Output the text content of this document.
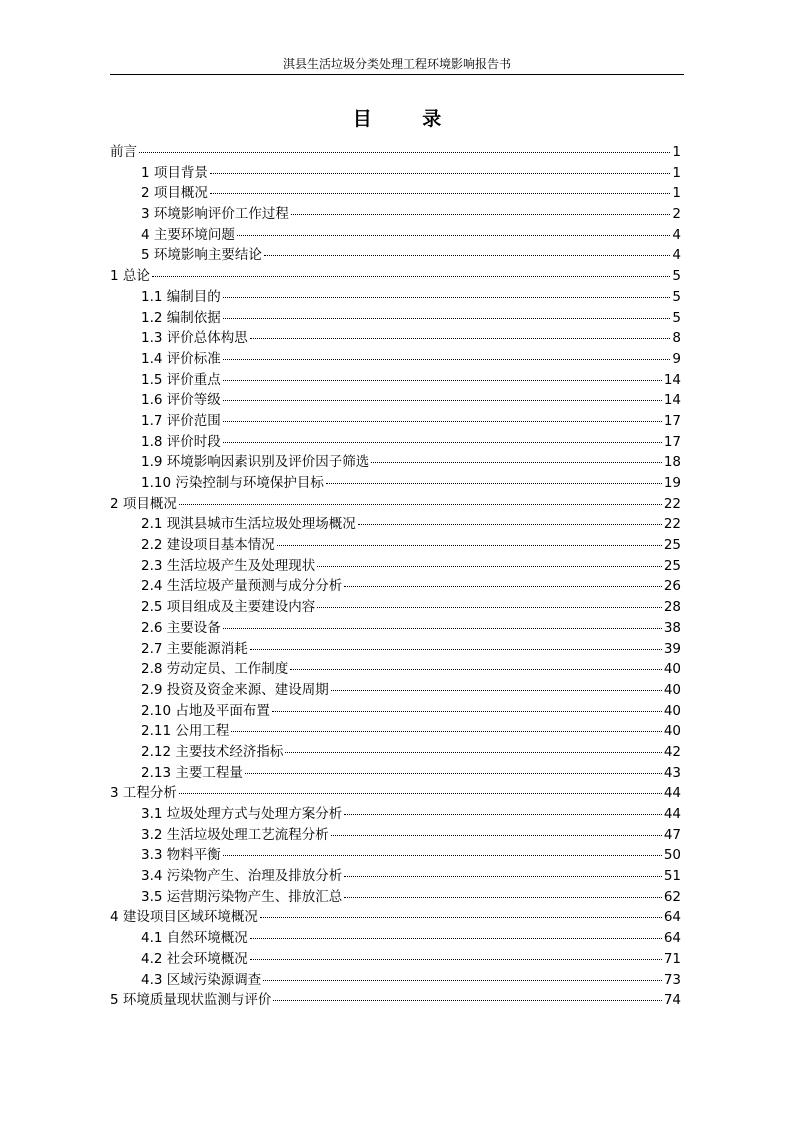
淇县生活垃圾分类处理工程环境影响报告书
目 录
前言	1
1 项目背景	1
2 项目概况	1
3 环境影响评价工作过程	2
4 主要环境问题	4
5 环境影响主要结论	4
1 总论	5
1.1 编制目的	5
1.2 编制依据	5
1.3 评价总体构思	8
1.4 评价标准	9
1.5 评价重点	14
1.6 评价等级	14
1.7 评价范围	17
1.8 评价时段	17
1.9 环境影响因素识别及评价因子筛选	18
1.10 污染控制与环境保护目标	19
2 项目概况	22
2.1 现淇县城市生活垃圾处理场概况	22
2.2 建设项目基本情况	25
2.3 生活垃圾产生及处理现状	25
2.4 生活垃圾产量预测与成分分析	26
2.5 项目组成及主要建设内容	28
2.6 主要设备	38
2.7 主要能源消耗	39
2.8 劳动定员、工作制度	40
2.9 投资及资金来源、建设周期	40
2.10 占地及平面布置	40
2.11 公用工程	40
2.12 主要技术经济指标	42
2.13 主要工程量	43
3 工程分析	44
3.1 垃圾处理方式与处理方案分析	44
3.2 生活垃圾处理工艺流程分析	47
3.3 物料平衡	50
3.4 污染物产生、治理及排放分析	51
3.5 运营期污染物产生、排放汇总	62
4 建设项目区域环境概况	64
4.1 自然环境概况	64
4.2 社会环境概况	71
4.3 区域污染源调查	73
5 环境质量现状监测与评价	74
